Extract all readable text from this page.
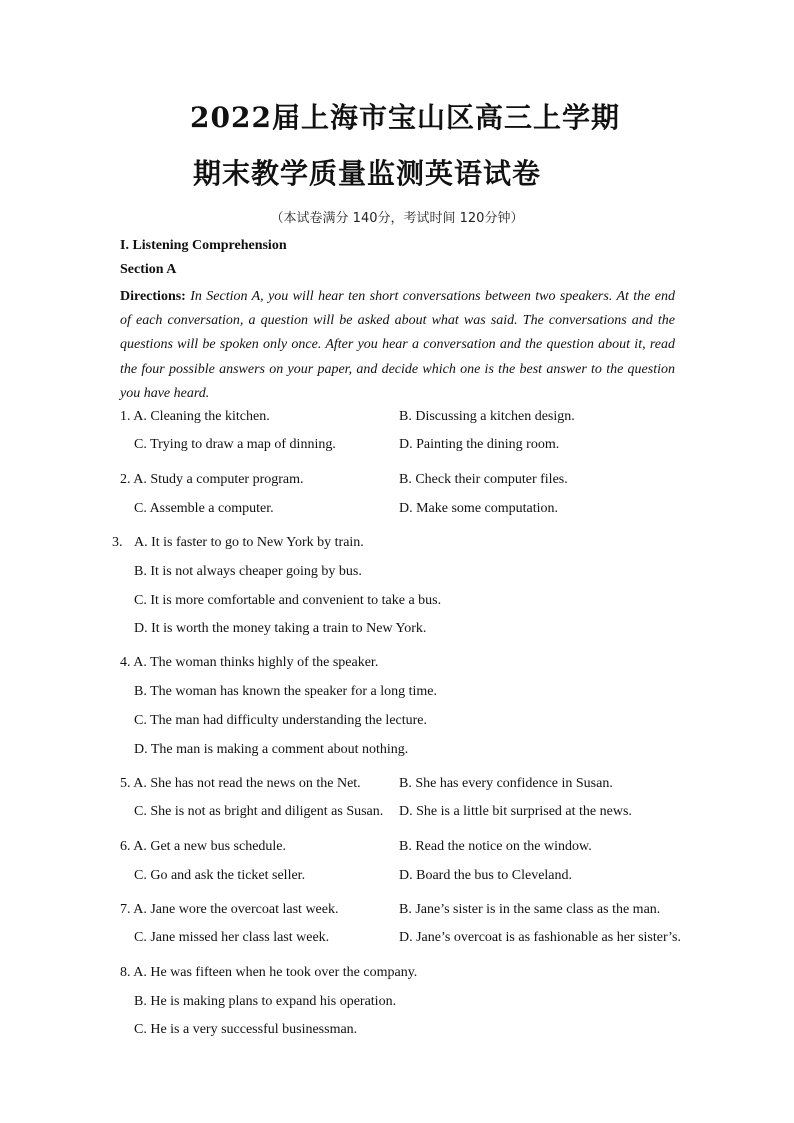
2022届上海市宝山区高三上学期
期末教学质量监测英语试卷
（本试卷满分 140分，考试时间 120分钟）
I. Listening Comprehension
Section A
Directions: In Section A, you will hear ten short conversations between two speakers. At the end of each conversation, a question will be asked about what was said. The conversations and the questions will be spoken only once. After you hear a conversation and the question about it, read the four possible answers on your paper, and decide which one is the best answer to the question you have heard.
1. A. Cleaning the kitchen.	B. Discussing a kitchen design.
C. Trying to draw a map of dinning.	D. Painting the dining room.
2. A. Study a computer program.	B. Check their computer files.
C. Assemble a computer.	D. Make some computation.
3. A. It is faster to go to New York by train.
B. It is not always cheaper going by bus.
C. It is more comfortable and convenient to take a bus.
D. It is worth the money taking a train to New York.
4. A. The woman thinks highly of the speaker.
B. The woman has known the speaker for a long time.
C. The man had difficulty understanding the lecture.
D. The man is making a comment about nothing.
5. A. She has not read the news on the Net.	B. She has every confidence in Susan.
C. She is not as bright and diligent as Susan. D. She is a little bit surprised at the news.
6. A. Get a new bus schedule.	B. Read the notice on the window.
C. Go and ask the ticket seller.	D. Board the bus to Cleveland.
7. A. Jane wore the overcoat last week.	B. Jane’s sister is in the same class as the man.
C. Jane missed her class last week.	D. Jane’s overcoat is as fashionable as her sister’s.
8. A. He was fifteen when he took over the company.
B. He is making plans to expand his operation.
C. He is a very successful businessman.
